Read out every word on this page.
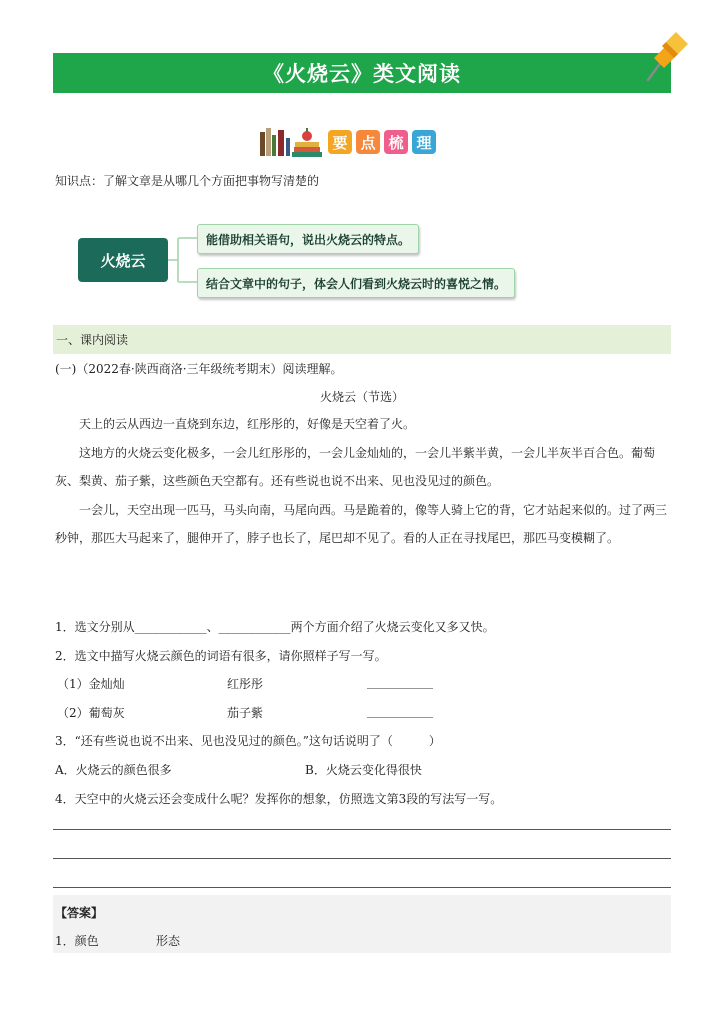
《火烧云》类文阅读
要 点 梳 理
知识点：了解文章是从哪几个方面把事物写清楚的
火烧云
能借助相关语句，说出火烧云的特点。
结合文章中的句子，体会人们看到火烧云时的喜悦之情。
一、课内阅读
(一)（2022春·陕西商洛·三年级统考期末）阅读理解。
火烧云（节选）
天上的云从西边一直烧到东边，红彤彤的，好像是天空着了火。
这地方的火烧云变化极多，一会儿红彤彤的，一会儿金灿灿的，一会儿半紫半黄，一会儿半灰半百合色。葡萄灰、梨黄、茄子紫，这些颜色天空都有。还有些说也说不出来、见也没见过的颜色。
一会儿，天空出现一匹马，马头向南，马尾向西。马是跪着的，像等人骑上它的背，它才站起来似的。过了两三秒钟，那匹大马起来了，腿伸开了，脖子也长了，尾巴却不见了。看的人正在寻找尾巴，那匹马变模糊了。
1．选文分别从____________、____________两个方面介绍了火烧云变化又多又快。
2．选文中描写火烧云颜色的词语有很多，请你照样子写一写。
（1）金灿灿	红彤彤	___________
（2）葡萄灰	茄子紫	___________
3．“还有些说也说不出来、见也没见过的颜色。”这句话说明了（　　　）
A．火烧云的颜色很多	B．火烧云变化得很快
4．天空中的火烧云还会变成什么呢？发挥你的想象，仿照选文第3段的写法写一写。
【答案】
1．颜色	形态
